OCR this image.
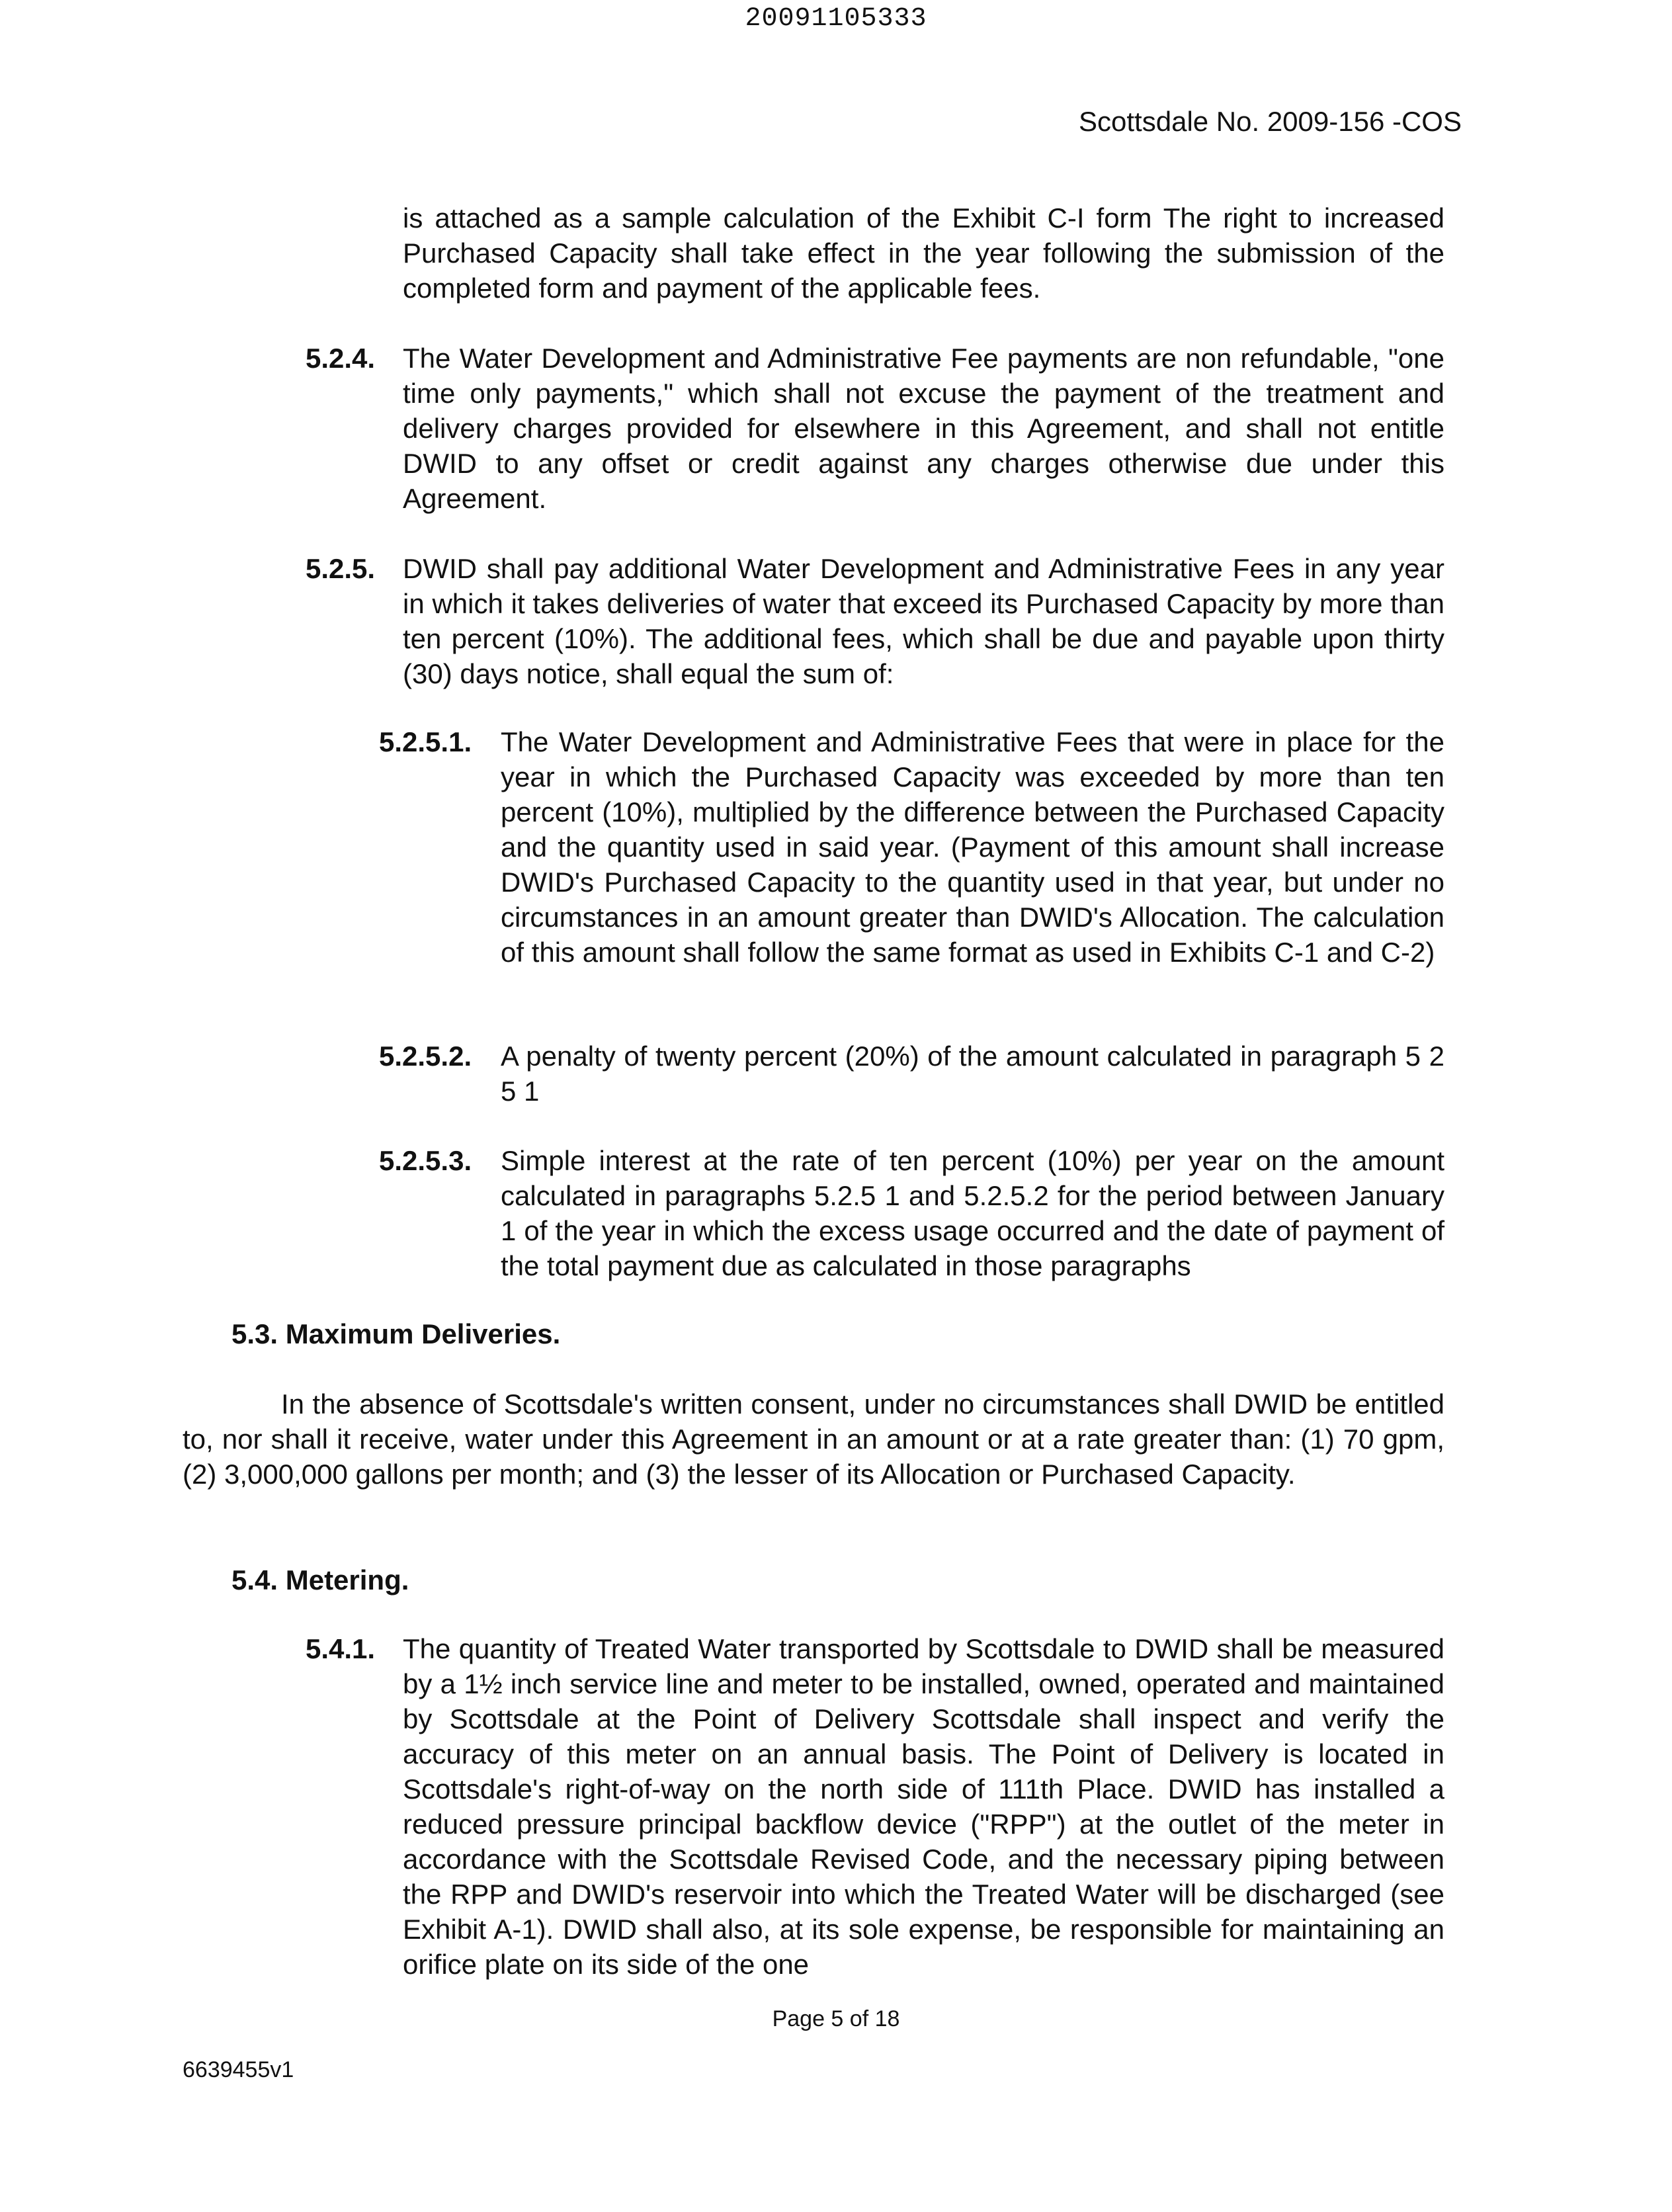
20091105333
Scottsdale No. 2009-156 -COS
is attached as a sample calculation of the Exhibit C-I form The right to increased Purchased Capacity shall take effect in the year following the submission of the completed form and payment of the applicable fees.
5.2.4. The Water Development and Administrative Fee payments are non refundable, "one time only payments," which shall not excuse the payment of the treatment and delivery charges provided for elsewhere in this Agreement, and shall not entitle DWID to any offset or credit against any charges otherwise due under this Agreement.
5.2.5. DWID shall pay additional Water Development and Administrative Fees in any year in which it takes deliveries of water that exceed its Purchased Capacity by more than ten percent (10%). The additional fees, which shall be due and payable upon thirty (30) days notice, shall equal the sum of:
5.2.5.1. The Water Development and Administrative Fees that were in place for the year in which the Purchased Capacity was exceeded by more than ten percent (10%), multiplied by the difference between the Purchased Capacity and the quantity used in said year. (Payment of this amount shall increase DWID's Purchased Capacity to the quantity used in that year, but under no circumstances in an amount greater than DWID's Allocation. The calculation of this amount shall follow the same format as used in Exhibits C-1 and C-2)
5.2.5.2. A penalty of twenty percent (20%) of the amount calculated in paragraph 5 2 5 1
5.2.5.3. Simple interest at the rate of ten percent (10%) per year on the amount calculated in paragraphs 5.2.5 1 and 5.2.5.2 for the period between January 1 of the year in which the excess usage occurred and the date of payment of the total payment due as calculated in those paragraphs
5.3. Maximum Deliveries.
In the absence of Scottsdale's written consent, under no circumstances shall DWID be entitled to, nor shall it receive, water under this Agreement in an amount or at a rate greater than: (1) 70 gpm, (2) 3,000,000 gallons per month; and (3) the lesser of its Allocation or Purchased Capacity.
5.4. Metering.
5.4.1. The quantity of Treated Water transported by Scottsdale to DWID shall be measured by a 1½ inch service line and meter to be installed, owned, operated and maintained by Scottsdale at the Point of Delivery Scottsdale shall inspect and verify the accuracy of this meter on an annual basis. The Point of Delivery is located in Scottsdale's right-of-way on the north side of 111th Place. DWID has installed a reduced pressure principal backflow device ("RPP") at the outlet of the meter in accordance with the Scottsdale Revised Code, and the necessary piping between the RPP and DWID's reservoir into which the Treated Water will be discharged (see Exhibit A-1). DWID shall also, at its sole expense, be responsible for maintaining an orifice plate on its side of the one
Page 5 of 18
6639455v1
